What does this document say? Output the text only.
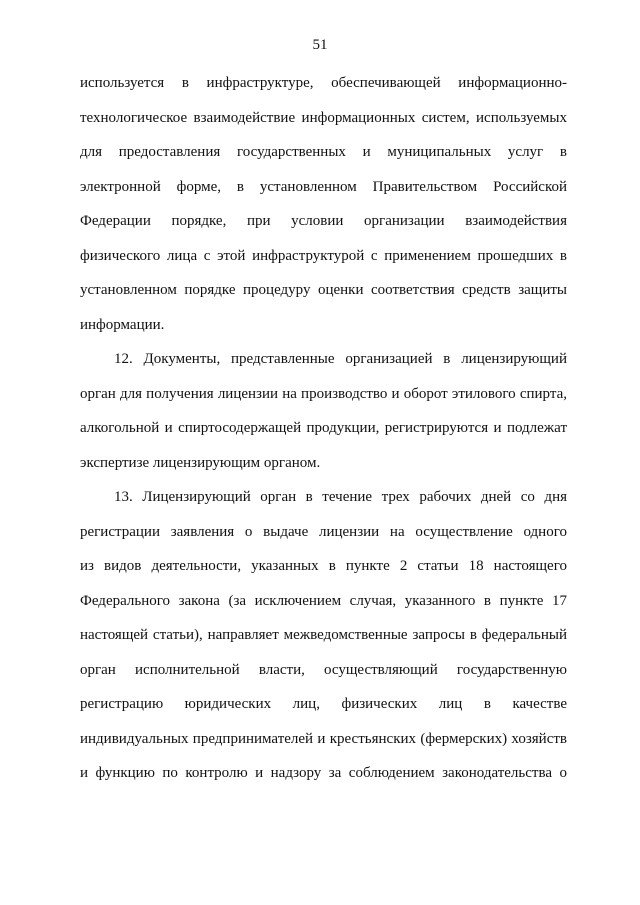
51
используется в инфраструктуре, обеспечивающей информационно-
технологическое взаимодействие информационных систем, используемых
для предоставления государственных и муниципальных услуг в
электронной форме, в установленном Правительством Российской
Федерации порядке, при условии организации взаимодействия
физического лица с этой инфраструктурой с применением прошедших в
установленном порядке процедуру оценки соответствия средств защиты
информации.
12. Документы, представленные организацией в лицензирующий
орган для получения лицензии на производство и оборот этилового спирта,
алкогольной и спиртосодержащей продукции, регистрируются и подлежат
экспертизе лицензирующим органом.
13. Лицензирующий орган в течение трех рабочих дней со дня
регистрации заявления о выдаче лицензии на осуществление одного
из видов деятельности, указанных в пункте 2 статьи 18 настоящего
Федерального закона (за исключением случая, указанного в пункте 17
настоящей статьи), направляет межведомственные запросы в федеральный
орган исполнительной власти, осуществляющий государственную
регистрацию юридических лиц, физических лиц в качестве
индивидуальных предпринимателей и крестьянских (фермерских) хозяйств
и функцию по контролю и надзору за соблюдением законодательства о
